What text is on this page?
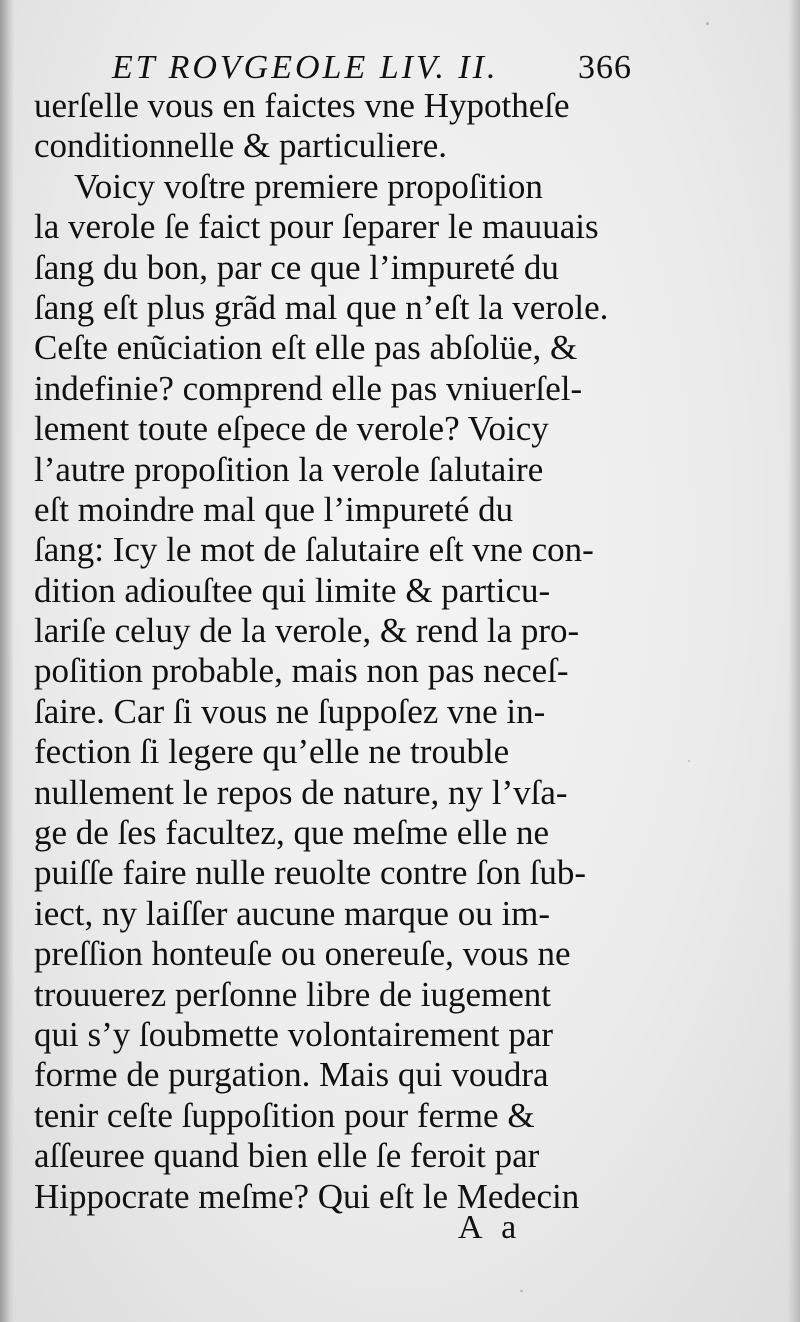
ET ROVGEOLE LIV. II. 366
uerſelle vous en faictes vne Hypotheſe
conditionnelle & particuliere.
Voicy voſtre premiere propoſition
la verole ſe faict pour ſeparer le mauuais
ſang du bon, par ce que l’impureté du
ſang eſt plus grãd mal que n’eſt la verole.
Ceſte enũciation eſt elle pas abſolüe, &
indefinie? comprend elle pas vniuerſel-
lement toute eſpece de verole? Voicy
l’autre propoſition la verole ſalutaire
eſt moindre mal que l’impureté du
ſang: Icy le mot de ſalutaire eſt vne con-
dition adiouſtee qui limite & particu-
lariſe celuy de la verole, & rend la pro-
poſition probable, mais non pas neceſ-
ſaire. Car ſi vous ne ſuppoſez vne in-
fection ſi legere qu’elle ne trouble
nullement le repos de nature, ny l’vſa-
ge de ſes facultez, que meſme elle ne
puiſſe faire nulle reuolte contre ſon ſub-
iect, ny laiſſer aucune marque ou im-
preſſion honteuſe ou onereuſe, vous ne
trouuerez perſonne libre de iugement
qui s’y ſoubmette volontairement par
forme de purgation. Mais qui voudra
tenir ceſte ſuppoſition pour ferme &
aſſeuree quand bien elle ſe feroit par
Hippocrate meſme? Qui eſt le Medecin
A a
